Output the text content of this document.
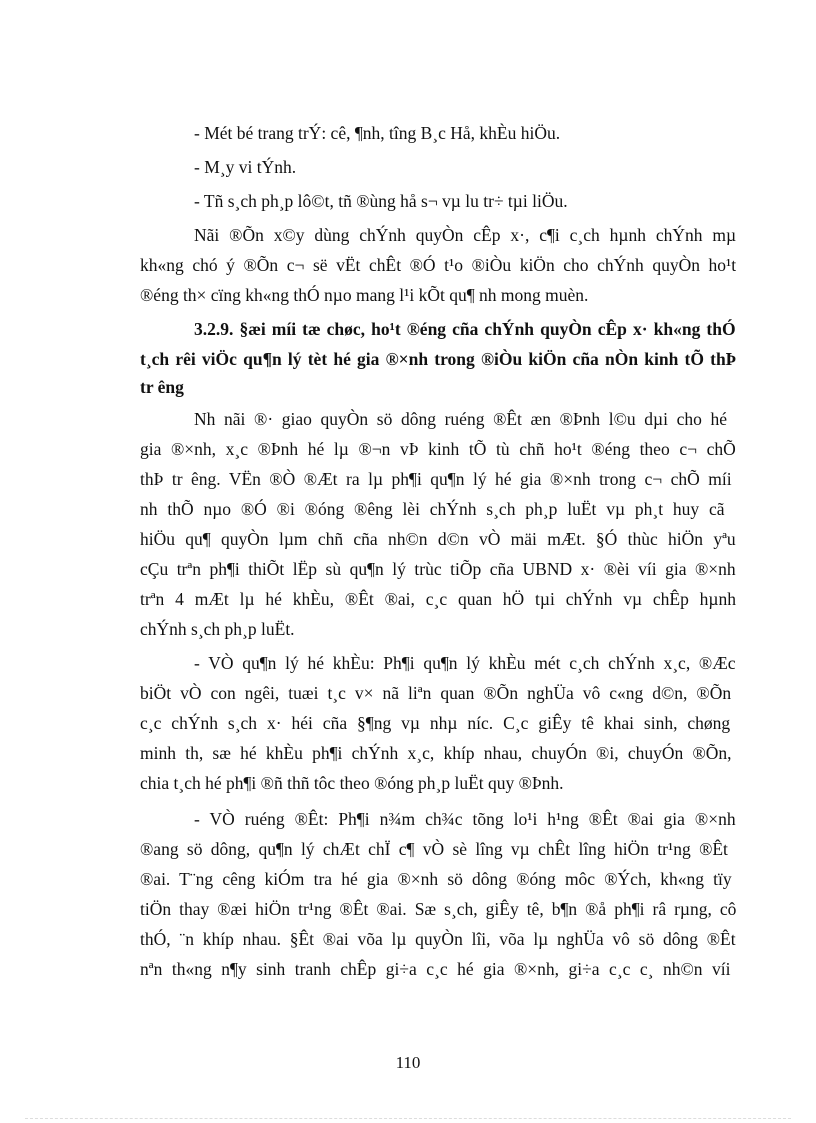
- Mét bé trang trÝ: cê, ¶nh, tîng B¸c Hå, khÈu hiÖu.
- M¸y vi tÝnh.
- Tñ s¸ch ph¸p lô©t, tñ ®ùng hå s¬ vµ lu tr÷ tµi liÖu.
Nãi ®Õn x©y dùng chÝnh quyÒn cÊp x·, c¶i c¸ch hµnh chÝnh mµ
kh«ng chó ý ®Õn c¬ së vËt chÊt ®Ó t¹o ®iÒu kiÖn cho chÝnh quyÒn ho¹t
®éng th× cïng kh«ng thÓ nµo mang l¹i kÕt qu¶ nh mong muèn.
3.2.9. §æi míi tæ chøc, ho¹t ®éng cña chÝnh quyÒn cÊp x· kh«ng thÓ
t¸ch rêi viÖc qu¶n lý tèt hé gia ®×nh trong ®iÒu kiÖn cña nÒn kinh tÕ thÞ
tr êng
Nh nãi ®· giao quyÒn sö dông ruéng ®Êt æn ®Þnh l©u dµi cho hé
gia ®×nh, x¸c ®Þnh hé lµ ®¬n vÞ kinh tÕ tù chñ ho¹t ®éng theo c¬ chÕ
thÞ tr êng. VËn ®Ò ®Æt ra lµ ph¶i qu¶n lý hé gia ®×nh trong c¬ chÕ míi
nh thÕ nµo ®Ó ®i ®óng ®êng lèi chÝnh s¸ch ph¸p luËt vµ ph¸t huy cã
hiÖu qu¶ quyÒn lµm chñ cña nh©n d©n vÒ mäi mÆt. §Ó thùc hiÖn yªu
cÇu trªn ph¶i thiÕt lËp sù qu¶n lý trùc tiÕp cña UBND x· ®èi víi gia ®×nh
trªn 4 mÆt lµ hé khÈu, ®Êt ®ai, c¸c quan hÖ tµi chÝnh vµ chÊp hµnh
chÝnh s¸ch ph¸p luËt.
- VÒ qu¶n lý hé khÈu: Ph¶i qu¶n lý khÈu mét c¸ch chÝnh x¸c, ®Æc
biÖt vÒ con ngêi, tuæi t¸c v× nã liªn quan ®Õn nghÜa vô c«ng d©n, ®Õn
c¸c chÝnh s¸ch x· héi cña §¶ng vµ nhµ níc. C¸c giÊy tê khai sinh, chøng
minh th, sæ hé khÈu ph¶i chÝnh x¸c, khíp nhau, chuyÓn ®i, chuyÓn ®Õn,
chia t¸ch hé ph¶i ®ñ thñ tôc theo ®óng ph¸p luËt quy ®Þnh.
- VÒ ruéng ®Êt: Ph¶i n¾m ch¾c tõng lo¹i h¹ng ®Êt ®ai gia ®×nh
®ang sö dông, qu¶n lý chÆt chÏ c¶ vÒ sè lîng vµ chÊt lîng hiÖn tr¹ng ®Êt
®ai. T¨ng cêng kiÓm tra hé gia ®×nh sö dông ®óng môc ®Ých, kh«ng tïy
tiÖn thay ®æi hiÖn tr¹ng ®Êt ®ai. Sæ s¸ch, giÊy tê, b¶n ®å ph¶i râ rµng, cô
thÓ, ¨n khíp nhau. §Êt ®ai võa lµ quyÒn lîi, võa lµ nghÜa vô sö dông ®Êt
nªn th«ng n¶y sinh tranh chÊp gi÷a c¸c hé gia ®×nh, gi÷a c¸c c¸ nh©n víi
110
